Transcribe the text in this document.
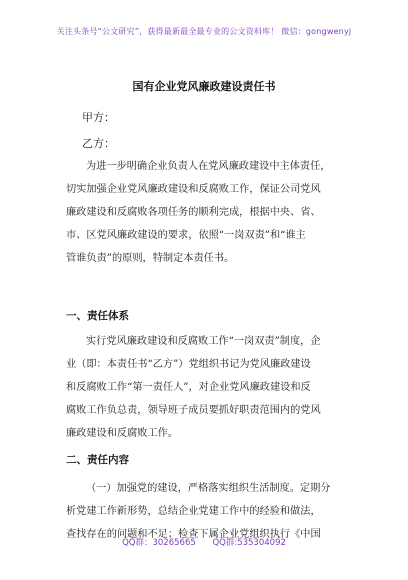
关注头条号“公文研究”，获得最新最全最专业的公文资料库！ 微信：gongwenyj
国有企业党风廉政建设责任书
甲方：
乙方：
为进一步明确企业负责人在党风廉政建设中主体责任，
切实加强企业党风廉政建设和反腐败工作，保证公司党风
廉政建设和反腐败各项任务的顺利完成，根据中央、省、
市、区党风廉政建设的要求，依照“一岗双责”和“谁主
管谁负责”的原则，特制定本责任书。
一、责任体系
实行党风廉政建设和反腐败工作“一岗双责”制度，企
业（即：本责任书“乙方”）党组织书记为党风廉政建设
和反腐败工作“第一责任人”，对企业党风廉政建设和反
腐败工作负总责，领导班子成员要抓好职责范围内的党风
廉政建设和反腐败工作。
二、责任内容
（一）加强党的建设，严格落实组织生活制度。定期分
析党建工作新形势，总结企业党建工作中的经验和做法，
查找存在的问题和不足；检查下属企业党组织执行《中国
QQ群：30265665 QQ群:535304092
